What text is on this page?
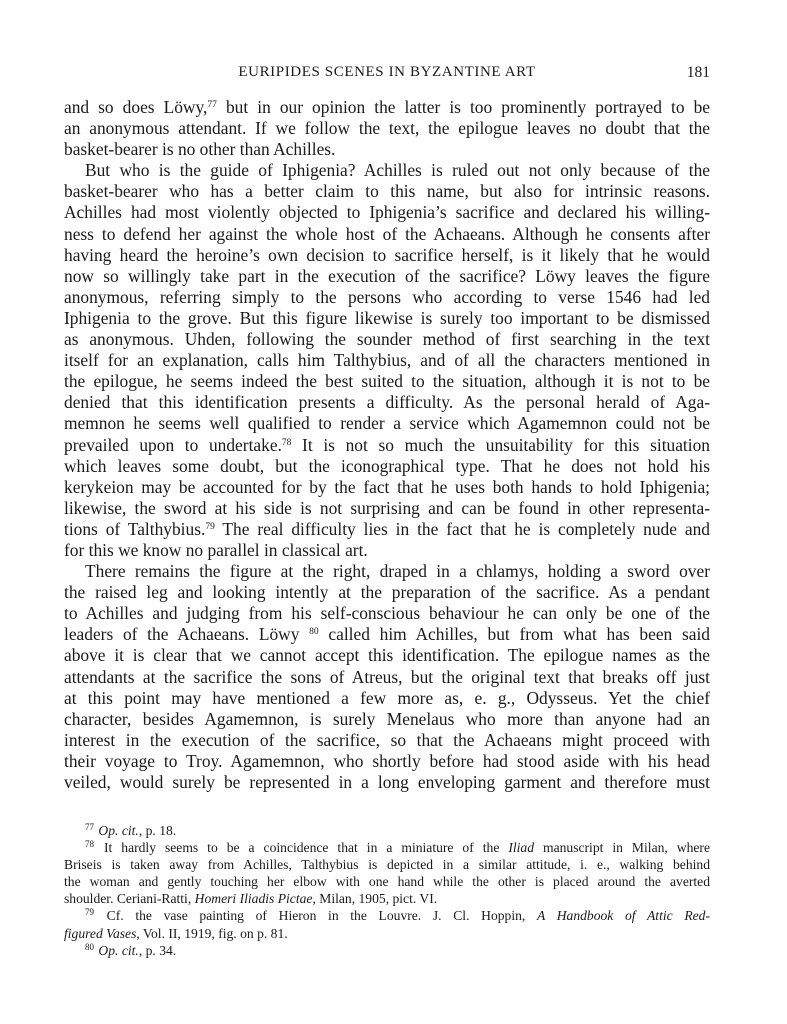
EURIPIDES SCENES IN BYZANTINE ART	181
and so does Löwy,$^{77}$ but in our opinion the latter is too prominently portrayed to be
an anonymous attendant. If we follow the text, the epilogue leaves no doubt that the
basket-bearer is no other than Achilles.
But who is the guide of Iphigenia? Achilles is ruled out not only because of the
basket-bearer who has a better claim to this name, but also for intrinsic reasons.
Achilles had most violently objected to Iphigenia’s sacrifice and declared his willing-
ness to defend her against the whole host of the Achaeans. Although he consents after
having heard the heroine’s own decision to sacrifice herself, is it likely that he would
now so willingly take part in the execution of the sacrifice? Löwy leaves the figure
anonymous, referring simply to the persons who according to verse 1546 had led
Iphigenia to the grove. But this figure likewise is surely too important to be dismissed
as anonymous. Uhden, following the sounder method of first searching in the text
itself for an explanation, calls him Talthybius, and of all the characters mentioned in
the epilogue, he seems indeed the best suited to the situation, although it is not to be
denied that this identification presents a difficulty. As the personal herald of Aga-
memnon he seems well qualified to render a service which Agamemnon could not be
prevailed upon to undertake.$^{78}$ It is not so much the unsuitability for this situation
which leaves some doubt, but the iconographical type. That he does not hold his
kerykeion may be accounted for by the fact that he uses both hands to hold Iphigenia;
likewise, the sword at his side is not surprising and can be found in other representa-
tions of Talthybius.$^{79}$ The real difficulty lies in the fact that he is completely nude and
for this we know no parallel in classical art.
There remains the figure at the right, draped in a chlamys, holding a sword over
the raised leg and looking intently at the preparation of the sacrifice. As a pendant
to Achilles and judging from his self-conscious behaviour he can only be one of the
leaders of the Achaeans. Löwy $^{80}$ called him Achilles, but from what has been said
above it is clear that we cannot accept this identification. The epilogue names as the
attendants at the sacrifice the sons of Atreus, but the original text that breaks off just
at this point may have mentioned a few more as, e. g., Odysseus. Yet the chief
character, besides Agamemnon, is surely Menelaus who more than anyone had an
interest in the execution of the sacrifice, so that the Achaeans might proceed with
their voyage to Troy. Agamemnon, who shortly before had stood aside with his head
veiled, would surely be represented in a long enveloping garment and therefore must
$^{77}$ Op. cit., p. 18.
$^{78}$ It hardly seems to be a coincidence that in a miniature of the Iliad manuscript in Milan, where
Briseis is taken away from Achilles, Talthybius is depicted in a similar attitude, i. e., walking behind
the woman and gently touching her elbow with one hand while the other is placed around the averted
shoulder. Ceriani-Ratti, Homeri Iliadis Pictae, Milan, 1905, pict. VI.
$^{79}$ Cf. the vase painting of Hieron in the Louvre. J. Cl. Hoppin, A Handbook of Attic Red-
figured Vases, Vol. II, 1919, fig. on p. 81.
$^{80}$ Op. cit., p. 34.
